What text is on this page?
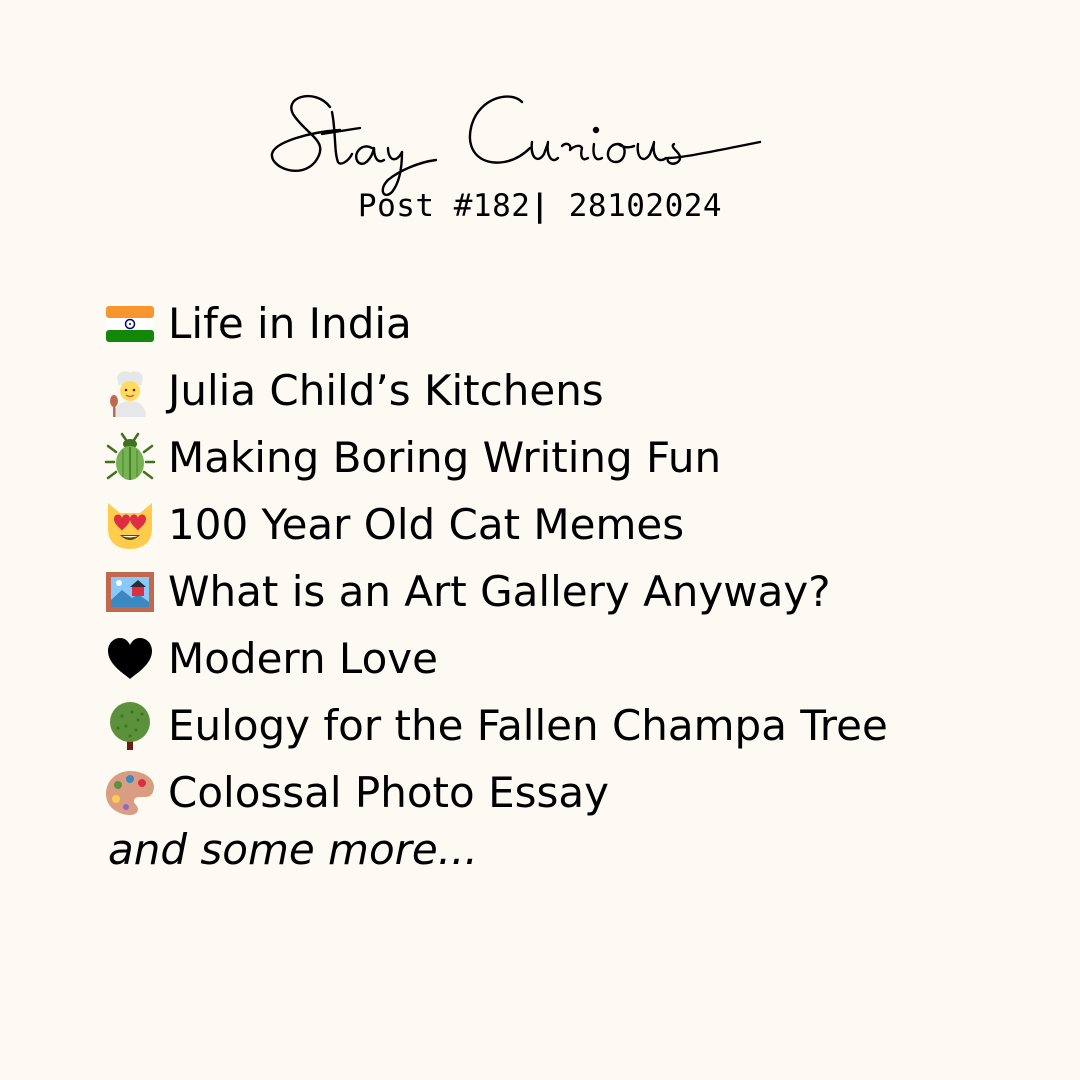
Post #182| 28102024
Life in India
Julia Child’s Kitchens
Making Boring Writing Fun
100 Year Old Cat Memes
What is an Art Gallery Anyway?
Modern Love
Eulogy for the Fallen Champa Tree
Colossal Photo Essay
and some more...
